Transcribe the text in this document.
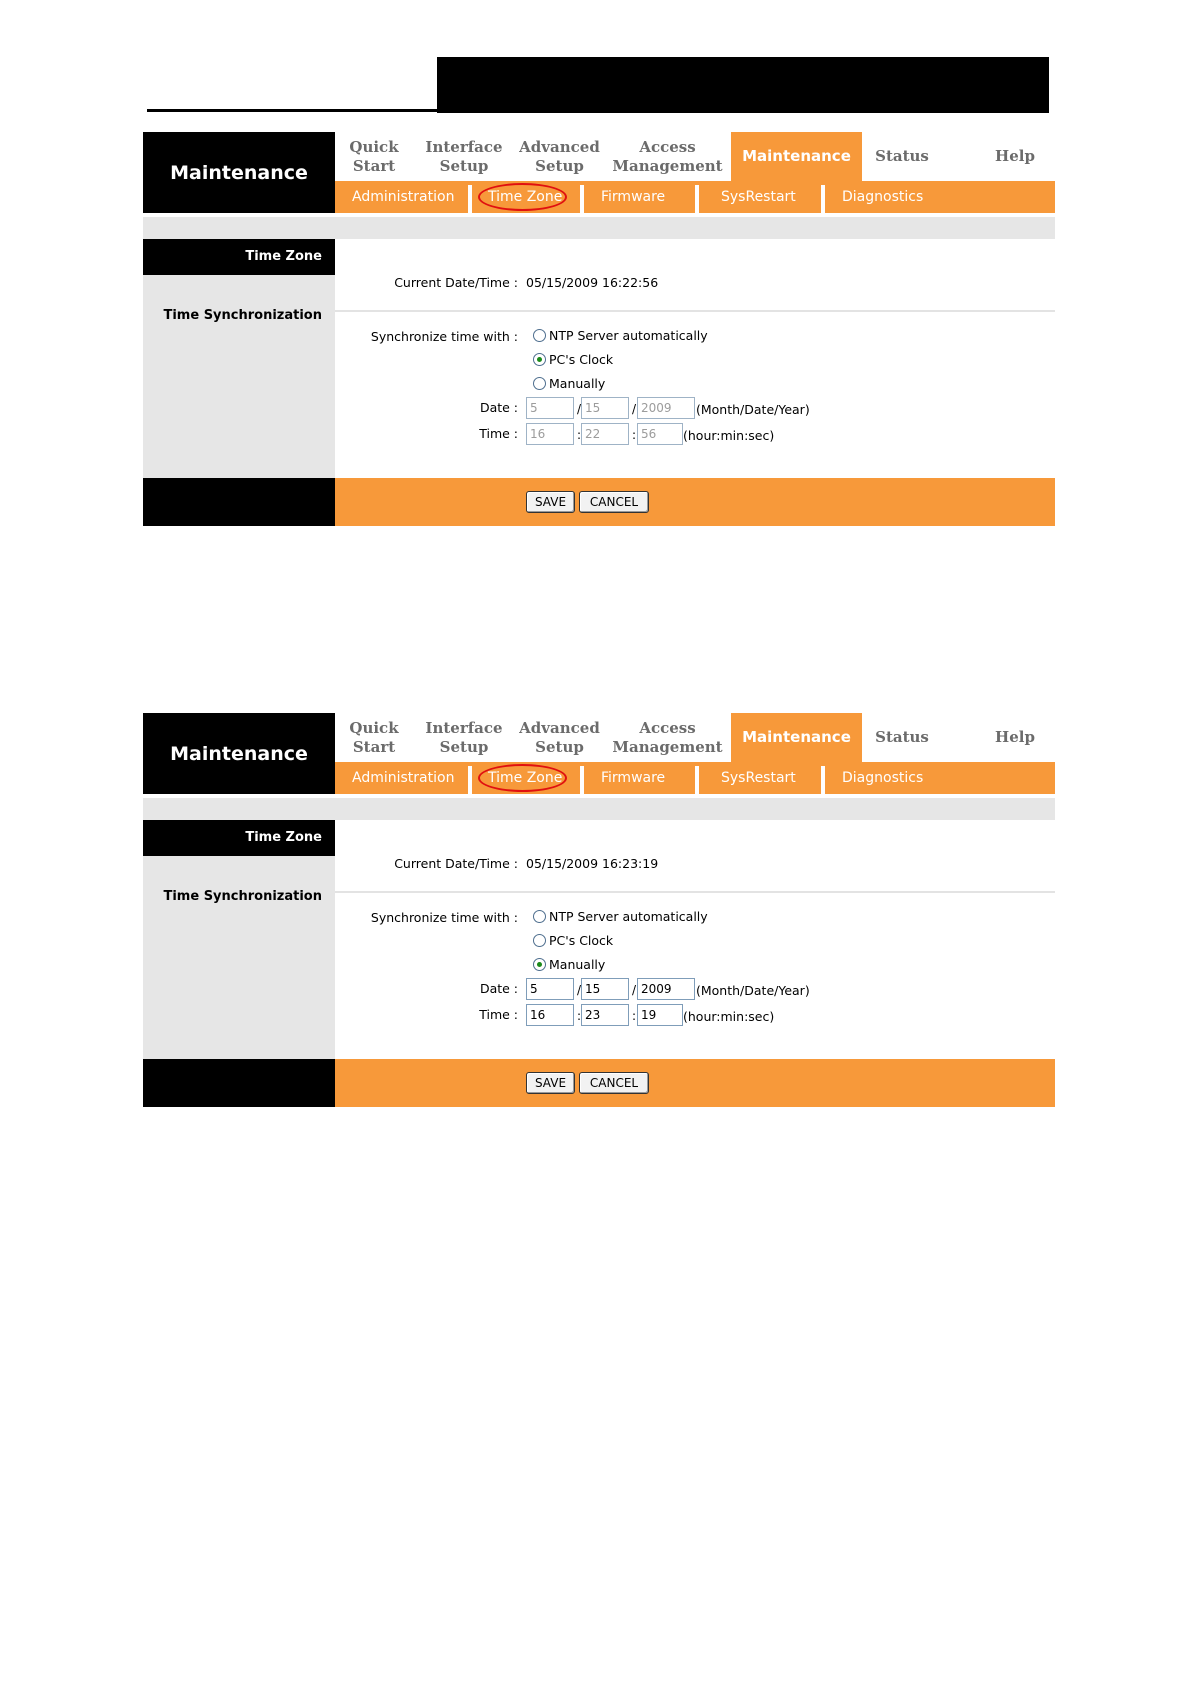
Maintenance
Quick
Start
Interface
Setup
Advanced
Setup
Access
Management
Maintenance	Status	Help
Administration Time Zone	Firmware	SysRestart	Diagnostics
Time Zone
Time Synchronization
Current Date/Time : 05/15/2009 16:22:56
Synchronize time with : NTP Server automatically
PC's Clock
Manually
Date :	5	/ 15	/ 2009	(Month/Date/Year)
Time :	16	: 22	: 56	(hour:min:sec)
SAVE	CANCEL
Maintenance
Quick
Start
Interface
Setup
Advanced
Setup
Access
Management
Maintenance	Status	Help
Administration Time Zone	Firmware	SysRestart	Diagnostics
Time Zone
Time Synchronization
Current Date/Time : 05/15/2009 16:23:19
Synchronize time with : NTP Server automatically
PC's Clock
Manually
Date :	5	/ 15	/ 2009	(Month/Date/Year)
Time :	16	: 23	: 19	(hour:min:sec)
SAVE	CANCEL
